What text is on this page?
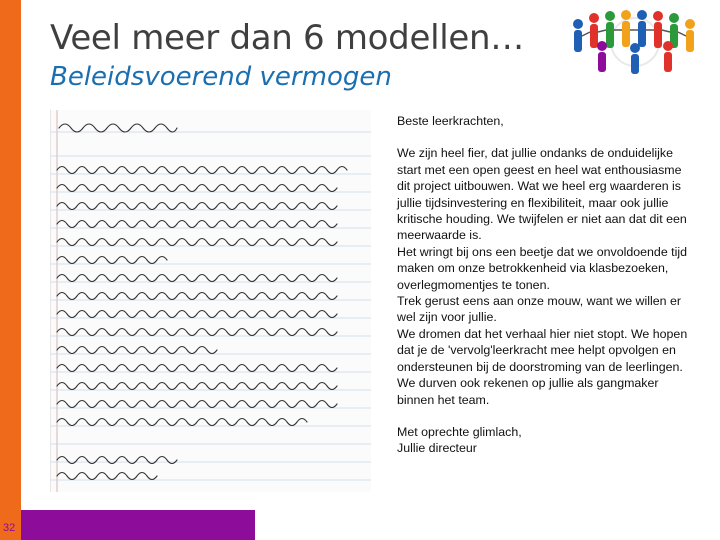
32
Veel meer dan 6 modellen…
Beleidsvoerend vermogen

Beste leerkrachten,

We zijn heel fier, dat jullie ondanks de onduidelijke start met een open geest en heel wat enthousiasme dit project uitbouwen. Wat we heel erg waarderen is jullie tijdsinvestering en flexibiliteit, maar ook jullie kritische houding. We twijfelen er niet aan dat dit een meerwaarde is.

Het wringt bij ons een beetje dat we onvoldoende tijd maken om onze betrokkenheid via klasbezoeken, overlegmomentjes te tonen.

Trek gerust eens aan onze mouw, want we willen er wel zijn voor jullie.

We dromen dat het verhaal hier niet stopt. We hopen dat je de 'vervolg'leerkracht mee helpt opvolgen en ondersteunen bij de doorstroming van de leerlingen.

We durven ook rekenen op jullie als gangmaker binnen het team.

Met oprechte glimlach,

Jullie directeur
